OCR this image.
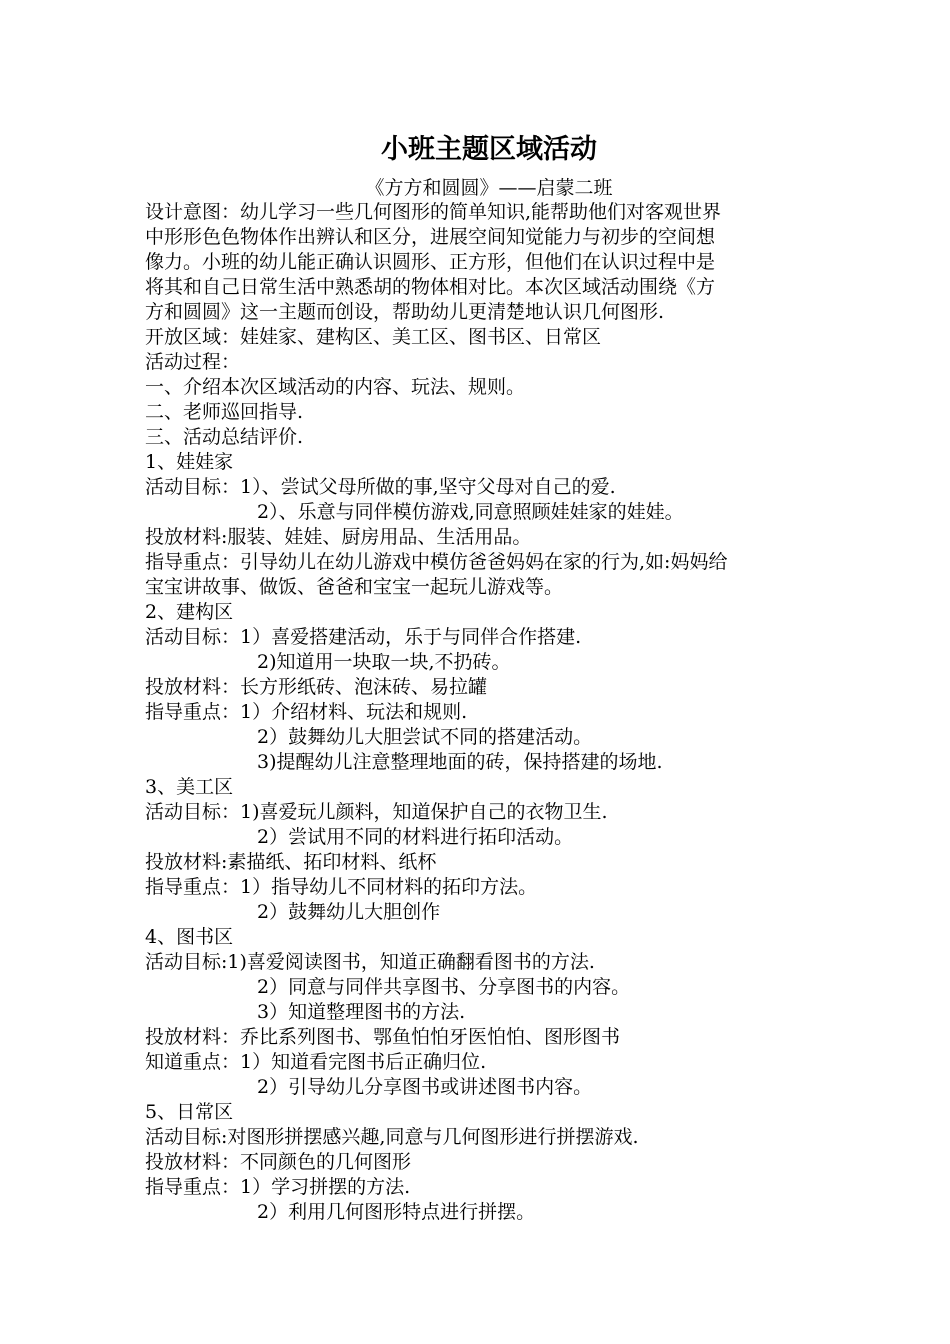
小班主题区域活动
《方方和圆圆》——启蒙二班
设计意图：幼儿学习一些几何图形的简单知识,能帮助他们对客观世界
中形形色色物体作出辨认和区分，进展空间知觉能力与初步的空间想
像力。小班的幼儿能正确认识圆形、正方形，但他们在认识过程中是
将其和自己日常生活中熟悉胡的物体相对比。本次区域活动围绕《方
方和圆圆》这一主题而创设，帮助幼儿更清楚地认识几何图形.
开放区域：娃娃家、建构区、美工区、图书区、日常区
活动过程：
一、介绍本次区域活动的内容、玩法、规则。
二、老师巡回指导.
三、活动总结评价.
1、娃娃家
活动目标：1）、尝试父母所做的事,坚守父母对自己的爱.
2）、乐意与同伴模仿游戏,同意照顾娃娃家的娃娃。
投放材料:服装、娃娃、厨房用品、生活用品。
指导重点：引导幼儿在幼儿游戏中模仿爸爸妈妈在家的行为,如:妈妈给
宝宝讲故事、做饭、爸爸和宝宝一起玩儿游戏等。
2、建构区
活动目标：1）喜爱搭建活动，乐于与同伴合作搭建.
2)知道用一块取一块,不扔砖。
投放材料：长方形纸砖、泡沫砖、易拉罐
指导重点：1）介绍材料、玩法和规则.
2）鼓舞幼儿大胆尝试不同的搭建活动。
3)提醒幼儿注意整理地面的砖，保持搭建的场地.
3、美工区
活动目标：1)喜爱玩儿颜料，知道保护自己的衣物卫生.
2）尝试用不同的材料进行拓印活动。
投放材料:素描纸、拓印材料、纸杯
指导重点：1）指导幼儿不同材料的拓印方法。
2）鼓舞幼儿大胆创作
4、图书区
活动目标:1)喜爱阅读图书，知道正确翻看图书的方法.
2）同意与同伴共享图书、分享图书的内容。
3）知道整理图书的方法.
投放材料：乔比系列图书、鄂鱼怕怕牙医怕怕、图形图书
知道重点：1）知道看完图书后正确归位.
2）引导幼儿分享图书或讲述图书内容。
5、日常区
活动目标:对图形拼摆感兴趣,同意与几何图形进行拼摆游戏.
投放材料：不同颜色的几何图形
指导重点：1）学习拼摆的方法.
2）利用几何图形特点进行拼摆。
